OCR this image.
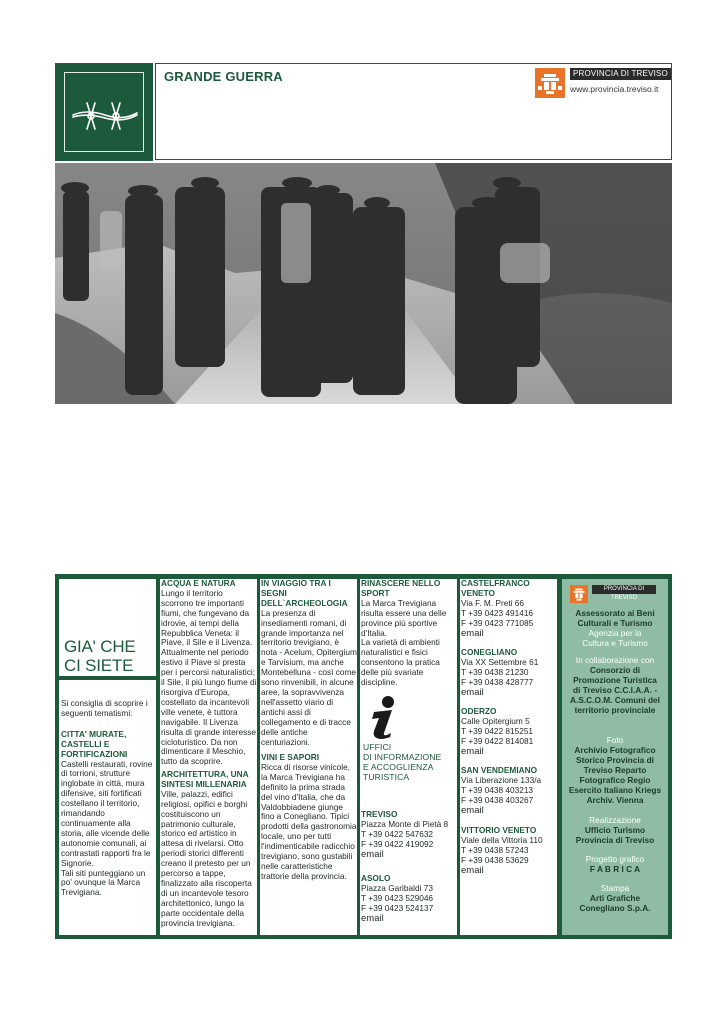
GRANDE GUERRA	PROVINCIA DI TREVISO
www.provincia.treviso.it
GIA' CHE
CI SIETE
Si consiglia di scoprire i seguenti tematismi:
CITTA' MURATE, CASTELLI E FORTIFICAZIONI
Castelli restaurati, rovine di torrioni, strutture inglobate in città, mura difensive, siti fortificati costellano il territorio, rimandando continuamente alla storia, alle vicende delle autonomie comunali, ai contrastati rapporti fra le Signorie.
Tali siti punteggiano un po' ovunque la Marca Trevigiana.
ACQUA E NATURA
Lungo il territorio scorrono tre importanti fiumi, che fungevano da idrovie, ai tempi della Repubblica Veneta: il Piave, il Sile e il Livenza.
Attualmente nel periodo estivo il Piave si presta per i percorsi naturalistici; il Sile, il più lungo fiume di risorgiva d'Europa, costellato da incantevoli ville venete, è tuttora navigabile. Il Livenza risulta di grande interesse cicloturistico. Da non dimenticare il Meschio, tutto da scoprire.
ARCHITETTURA, UNA SINTESI MILLENARIA
Ville, palazzi, edifici religiosi, opifici e borghi costituiscono un patrimonio culturale, storico ed artistico in attesa di rivelarsi. Otto periodi storici differenti creano il pretesto per un percorso a tappe, finalizzato alla riscoperta di un incantevole tesoro architettonico, lungo la parte occidentale della provincia trevigiana.
IN VIAGGIO TRA I SEGNI DELL`ARCHEOLOGIA
La presenza di insediamenti romani, di grande importanza nel territorio trevigiano, è nota - Acelum, Opitergium e Tarvisium, ma anche Montebelluna - così come sono rinvenibili, in alcune aree, la sopravvivenza nell'assetto viario di antichi assi di collegamento e di tracce delle antiche centuriazioni.
VINI E SAPORI
Ricca di risorse vinicole, la Marca Trevigiana ha definito la prima strada del vino d'Italia, che da Valdobbiadene giunge fino a Conegliano. Tipici prodotti della gastronomia locale, uno per tutti l'indimenticabile radicchio trevigiano, sono gustabili nelle caratteristiche trattorie della provincia.
RINASCERE NELLO SPORT
La Marca Trevigiana risulta essere una delle province più sportive d'Italia.
La varietà di ambienti naturalistici e fisici consentono la pratica delle più svariate discipline.
TREVISO
Piazza Monte di Pietà 8
T +39 0422 547632
F +39 0422 419092
email
ASOLO
Piazza Garibaldi 73
T +39 0423 529046
F +39 0423 524137
email
UFFICI
DI INFORMAZIONE
E ACCOGLIENZA
TURISTICA
CASTELFRANCO VENETO
Via F. M. Preti 66
T +39 0423 491416
F +39 0423 771085
email
CONEGLIANO
Via XX Settembre 61
T +39 0438 21230
F +39 0438 428777
email
ODERZO
Calle Opitergium 5
T +39 0422 815251
F +39 0422 814081
email
SAN VENDEMIANO
Via Liberazione 133/a
T +39 0438 403213
F +39 0438 403267
email
VITTORIO VENETO
Viale della Vittoria 110
T +39 0438 57243
F +39 0438 53629
email
PROVINCIA DI TREVISO
Assessorato ai Beni Culturali e Turismo
Agenzia per la Cultura e Turismo
In collaborazione con
Consorzio di Promozione Turistica di Treviso C.C.I.A.A. - A.S.C.O.M. Comuni del territorio provinciale
Foto
Archivio Fotografico Storico Provincia di Treviso Reparto Fotografico Regio Esercito Italiano Kriegs Archiv. Vienna
Realizzazione
Ufficio Turismo Provincia di Treviso
Progetto grafico
F A B R I C A
Stampa
Arti Grafiche Conegliano S.p.A.
